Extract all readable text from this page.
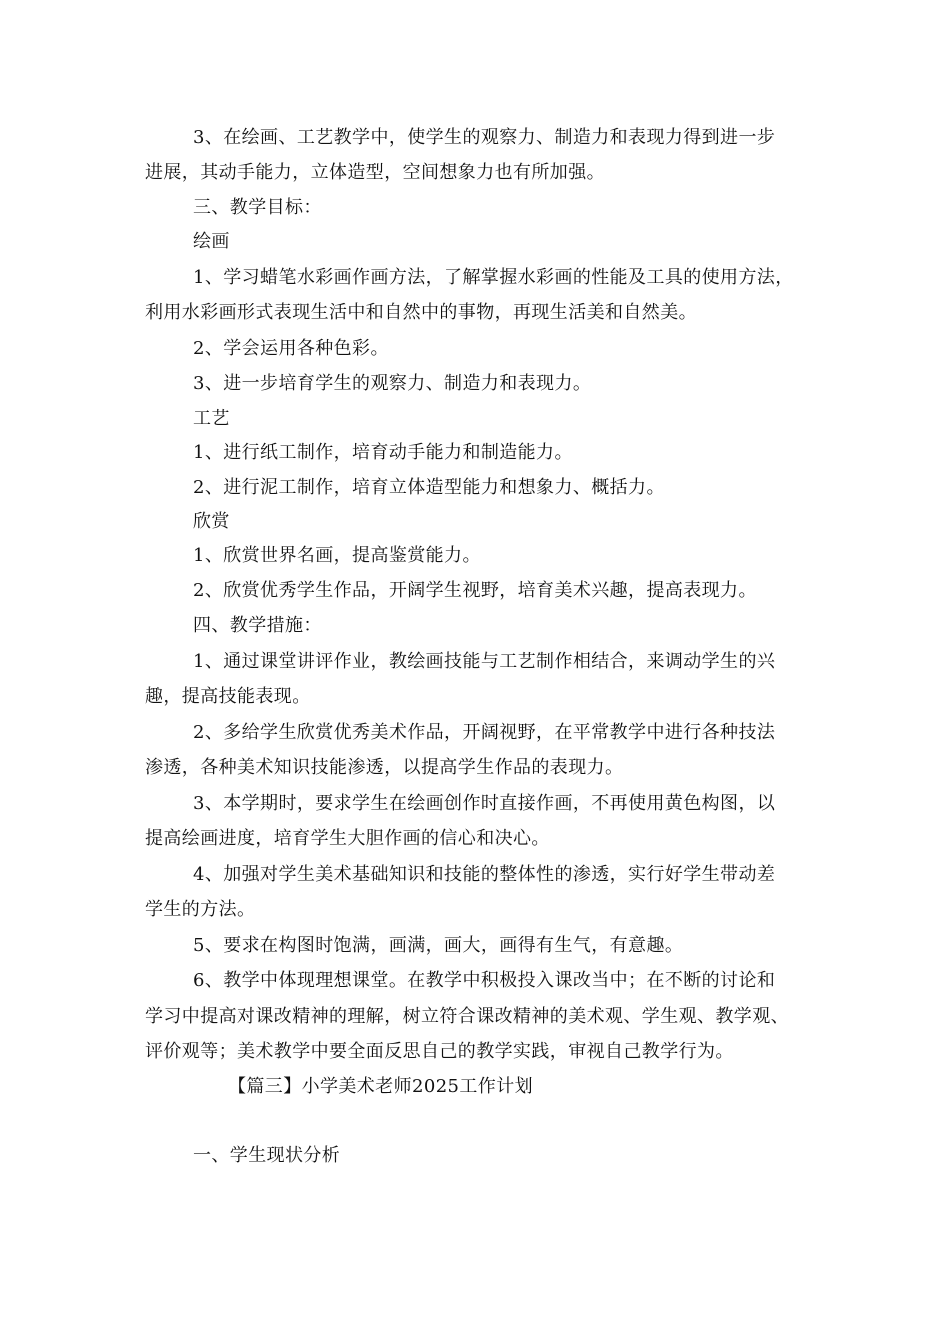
3、在绘画、工艺教学中，使学生的观察力、制造力和表现力得到进一步
进展，其动手能力，立体造型，空间想象力也有所加强。
三、教学目标：
绘画
1、学习蜡笔水彩画作画方法，了解掌握水彩画的性能及工具的使用方法，
利用水彩画形式表现生活中和自然中的事物，再现生活美和自然美。
2、学会运用各种色彩。
3、进一步培育学生的观察力、制造力和表现力。
工艺
1、进行纸工制作，培育动手能力和制造能力。
2、进行泥工制作，培育立体造型能力和想象力、概括力。
欣赏
1、欣赏世界名画，提高鉴赏能力。
2、欣赏优秀学生作品，开阔学生视野，培育美术兴趣，提高表现力。
四、教学措施：
1、通过课堂讲评作业，教绘画技能与工艺制作相结合，来调动学生的兴
趣，提高技能表现。
2、多给学生欣赏优秀美术作品，开阔视野，在平常教学中进行各种技法
渗透，各种美术知识技能渗透，以提高学生作品的表现力。
3、本学期时，要求学生在绘画创作时直接作画，不再使用黄色构图，以
提高绘画进度，培育学生大胆作画的信心和决心。
4、加强对学生美术基础知识和技能的整体性的渗透，实行好学生带动差
学生的方法。
5、要求在构图时饱满，画满，画大，画得有生气，有意趣。
6、教学中体现理想课堂。在教学中积极投入课改当中；在不断的讨论和
学习中提高对课改精神的理解，树立符合课改精神的美术观、学生观、教学观、
评价观等；美术教学中要全面反思自己的教学实践，审视自己教学行为。
【篇三】小学美术老师2025工作计划
一、学生现状分析
